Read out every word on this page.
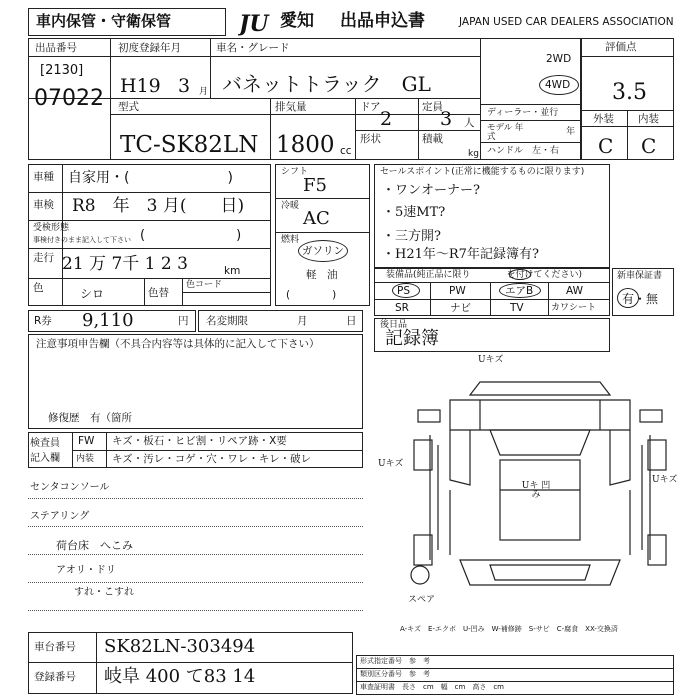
車内保管・守衛保管	JU 愛知 出品申込書	JAPAN USED CAR DEALERS ASSOCIATION
出品番号
[2130]
07022
初度登録年月
H19 3 月
車名・グレード
バネットトラック　GL
型式
TC-SK82LN
排気量
1800 cc
ドア
2
定員
3 人
形状	積載
kg
2WD
4WD
ディーラー・並行
モデル 年式	年
ハンドル　左・右
評価点
3.5
外装 内装
C C
車種 自家用・(　　　　　　　)
車検 R8　年　3 月(　　日)
受検形態
事検付きのまま記入して下さい (　　　　　　　)
走行 21 万 7千 1 2 3	km
色	シロ	色替
色コード
シフト
F5
冷暖
AC
燃料
ガソリン
軽　油
(　　　　)
セールスポイント(正常に機能するものに限ります)
・ワンオーナー?
・5速MT?
・三方開?
・H21年～R7年記録簿有?
装備品(純正品に限り　　　　を付けてください)
PS	PW	エアB	AW
SR	ナビ	TV	カワシート
新車保証書
有・無
R券 9,110	円 名変期限	月	日	後日品
記録簿
注意事項申告欄（不具合内容等は具体的に記入して下さい）
修復歴　有（箇所
検査員 記入欄
FW キズ・板石・ヒビ割・リペア跡・X要
内装 キズ・汚レ・コゲ・穴・ワレ・キレ・破レ
センタコンソール
ステアリング
荷台床　へこみ
アオリ・ドリ
すれ・こすれ
Uキズ
Uキズ
Uキズ
Uキ 凹み
スペア
A-キズ　E-エクボ　U-凹み　W-補修跡　S-サビ　C-腐食　XX-交換済
車台番号 SK82LN-303494
登録番号 岐阜 400 て83 14
形式指定番号　参　考
類別区分番号　参　考
車査証明書　長さ　cm　幅　cm　高さ　cm
